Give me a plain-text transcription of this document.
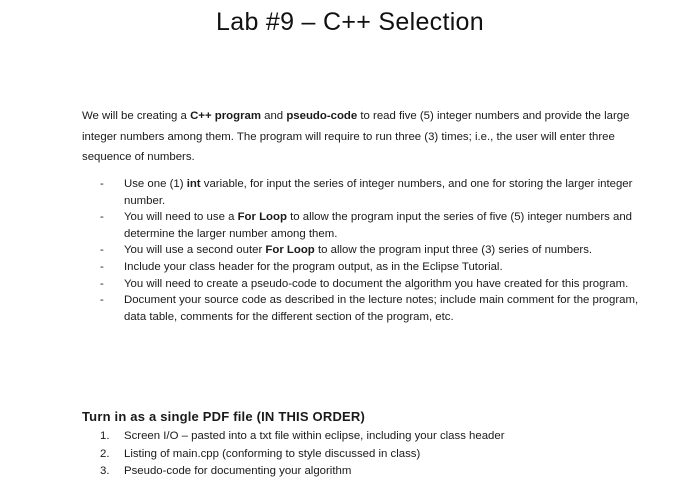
Lab #9 – C++ Selection

We will be creating a C++ program and pseudo-code to read five (5) integer numbers and provide the large integer numbers among them. The program will require to run three (3) times; i.e., the user will enter three sequence of numbers.

- Use one (1) int variable, for input the series of integer numbers, and one for storing the larger integer number.
- You will need to use a For Loop to allow the program input the series of five (5) integer numbers and determine the larger number among them.
- You will use a second outer For Loop to allow the program input three (3) series of numbers.
- Include your class header for the program output, as in the Eclipse Tutorial.
- You will need to create a pseudo-code to document the algorithm you have created for this program.
- Document your source code as described in the lecture notes; include main comment for the program, data table, comments for the different section of the program, etc.
Turn in as a single PDF file (IN THIS ORDER)
1. Screen I/O – pasted into a txt file within eclipse, including your class header
2. Listing of main.cpp (conforming to style discussed in class)
3. Pseudo-code for documenting your algorithm
